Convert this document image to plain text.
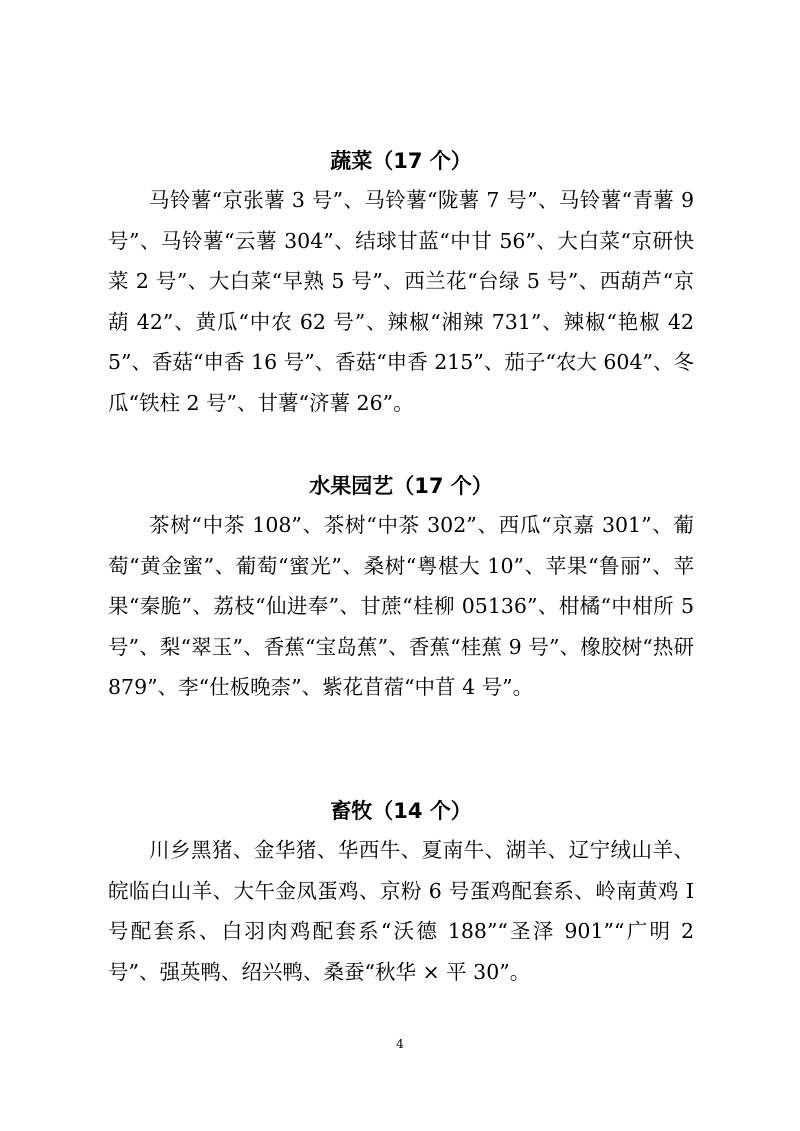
蔬菜（17 个）

马铃薯“京张薯 3 号”、马铃薯“陇薯 7 号”、马铃薯“青薯 9 号”、马铃薯“云薯 304”、结球甘蓝“中甘 56”、大白菜“京研快菜 2 号”、大白菜“早熟 5 号”、西兰花“台绿 5 号”、西葫芦“京葫 42”、黄瓜“中农 62 号”、辣椒“湘辣 731”、辣椒“艳椒 425”、香菇“申香 16 号”、香菇“申香 215”、茄子“农大 604”、冬瓜“铁柱 2 号”、甘薯“济薯 26”。

水果园艺（17 个）

茶树“中茶 108”、茶树“中茶 302”、西瓜“京嘉 301”、葡萄“黄金蜜”、葡萄“蜜光”、桑树“粤椹大 10”、苹果“鲁丽”、苹果“秦脆”、荔枝“仙进奉”、甘蔗“桂柳 05136”、柑橘“中柑所 5 号”、梨“翠玉”、香蕉“宝岛蕉”、香蕉“桂蕉 9 号”、橡胶树“热研 879”、李“仕板晚柰”、紫花苜蓿“中苜 4 号”。

畜牧（14 个）

川乡黑猪、金华猪、华西牛、夏南牛、湖羊、辽宁绒山羊、皖临白山羊、大午金凤蛋鸡、京粉 6 号蛋鸡配套系、岭南黄鸡 I 号配套系、白羽肉鸡配套系“沃德 188”“圣泽 901”“广明 2 号”、强英鸭、绍兴鸭、桑蚕“秋华 × 平 30”。

4
